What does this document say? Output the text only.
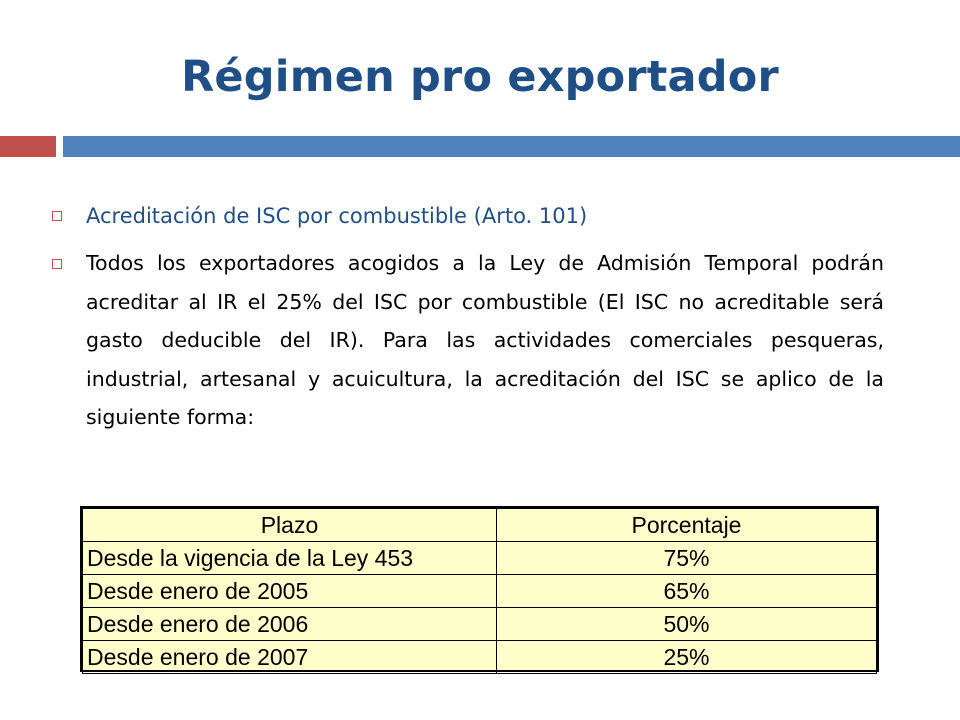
Régimen pro exportador
Acreditación de ISC por combustible (Arto. 101)
Todos los exportadores acogidos a la Ley de Admisión Temporal podrán acreditar al IR el 25% del ISC por combustible (El ISC no acreditable será gasto deducible del IR). Para las actividades comerciales pesqueras, industrial, artesanal y acuicultura, la acreditación del ISC se aplico de la siguiente forma:
Plazo	Porcentaje
Desde la vigencia de la Ley 453	75%
Desde enero de 2005	65%
Desde enero de 2006	50%
Desde enero de 2007	25%
